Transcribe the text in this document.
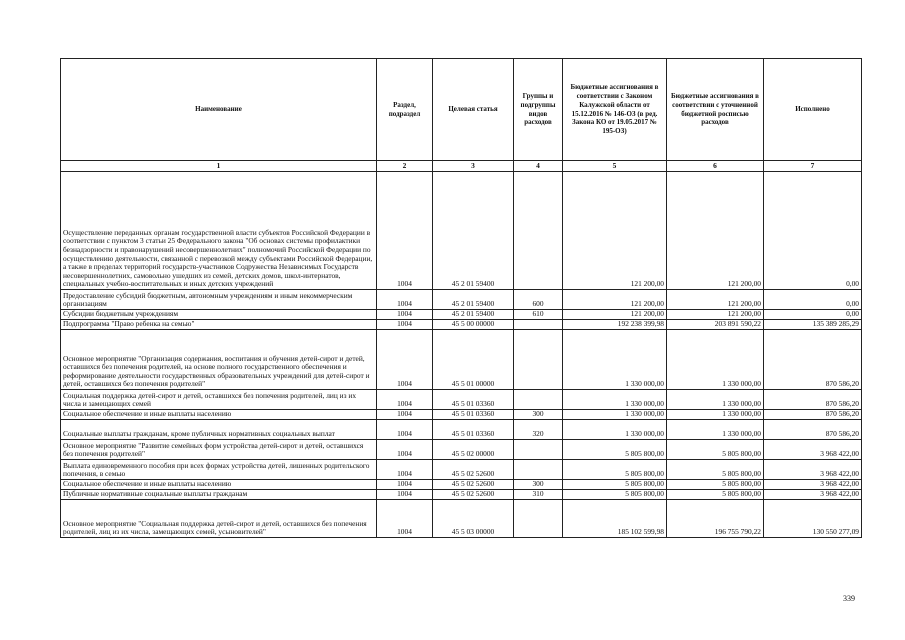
Наименование	Раздел, подраздел	Целевая статья	Группы и подгруппы видов расходов	Бюджетные ассигнования в соответствии с Законом Калужской области от 15.12.2016 № 146-ОЗ (в ред. Закона КО от 19.05.2017 № 195-ОЗ)	Бюджетные ассигнования в соответствии с уточненной бюджетной росписью расходов	Исполнено
1	2	3	4	5	6	7
Осуществление переданных органам государственной власти субъектов Российской Федерации в соответствии с пунктом 3 статьи 25 Федерального закона "Об основах системы профилактики безнадзорности и правонарушений несовершеннолетних" полномочий Российской Федерации по осуществлению деятельности, связанной с перевозкой между субъектами Российской Федерации, а также в пределах территорий государств-участников Содружества Независимых Государств несовершеннолетних, самовольно ушедших из семей, детских домов, школ-интернатов, специальных учебно-воспитательных и иных детских учреждений	1004	45 2 01 59400		121 200,00	121 200,00	0,00
Предоставление субсидий бюджетным, автономным учреждениям и иным некоммерческим организациям	1004	45 2 01 59400	600	121 200,00	121 200,00	0,00
Субсидии бюджетным учреждениям	1004	45 2 01 59400	610	121 200,00	121 200,00	0,00
Подпрограмма "Право ребенка на семью"	1004	45 5 00 00000		192 238 399,98	203 891 590,22	135 389 285,29
Основное мероприятие "Организация содержания, воспитания и обучения детей-сирот и детей, оставшихся без попечения родителей, на основе полного государственного обеспечения и реформирование деятельности государственных образовательных учреждений для детей-сирот и детей, оставшихся без попечения родителей"	1004	45 5 01 00000		1 330 000,00	1 330 000,00	870 586,20
Социальная поддержка детей-сирот и детей, оставшихся без попечения родителей, лиц из их числа и замещающих семей	1004	45 5 01 03360		1 330 000,00	1 330 000,00	870 586,20
Социальное обеспечение и иные выплаты населению	1004	45 5 01 03360	300	1 330 000,00	1 330 000,00	870 586,20
Социальные выплаты гражданам, кроме публичных нормативных социальных выплат	1004	45 5 01 03360	320	1 330 000,00	1 330 000,00	870 586,20
Основное мероприятие "Развитие семейных форм устройства детей-сирот и детей, оставшихся без попечения родителей"	1004	45 5 02 00000		5 805 800,00	5 805 800,00	3 968 422,00
Выплата единовременного пособия при всех формах устройства детей, лишенных родительского попечения, в семью	1004	45 5 02 52600		5 805 800,00	5 805 800,00	3 968 422,00
Социальное обеспечение и иные выплаты населению	1004	45 5 02 52600	300	5 805 800,00	5 805 800,00	3 968 422,00
Публичные нормативные социальные выплаты гражданам	1004	45 5 02 52600	310	5 805 800,00	5 805 800,00	3 968 422,00
Основное мероприятие "Социальная поддержка детей-сирот и детей, оставшихся без попечения родителей, лиц из их числа, замещающих семей, усыновителей"	1004	45 5 03 00000		185 102 599,98	196 755 790,22	130 550 277,09
339
